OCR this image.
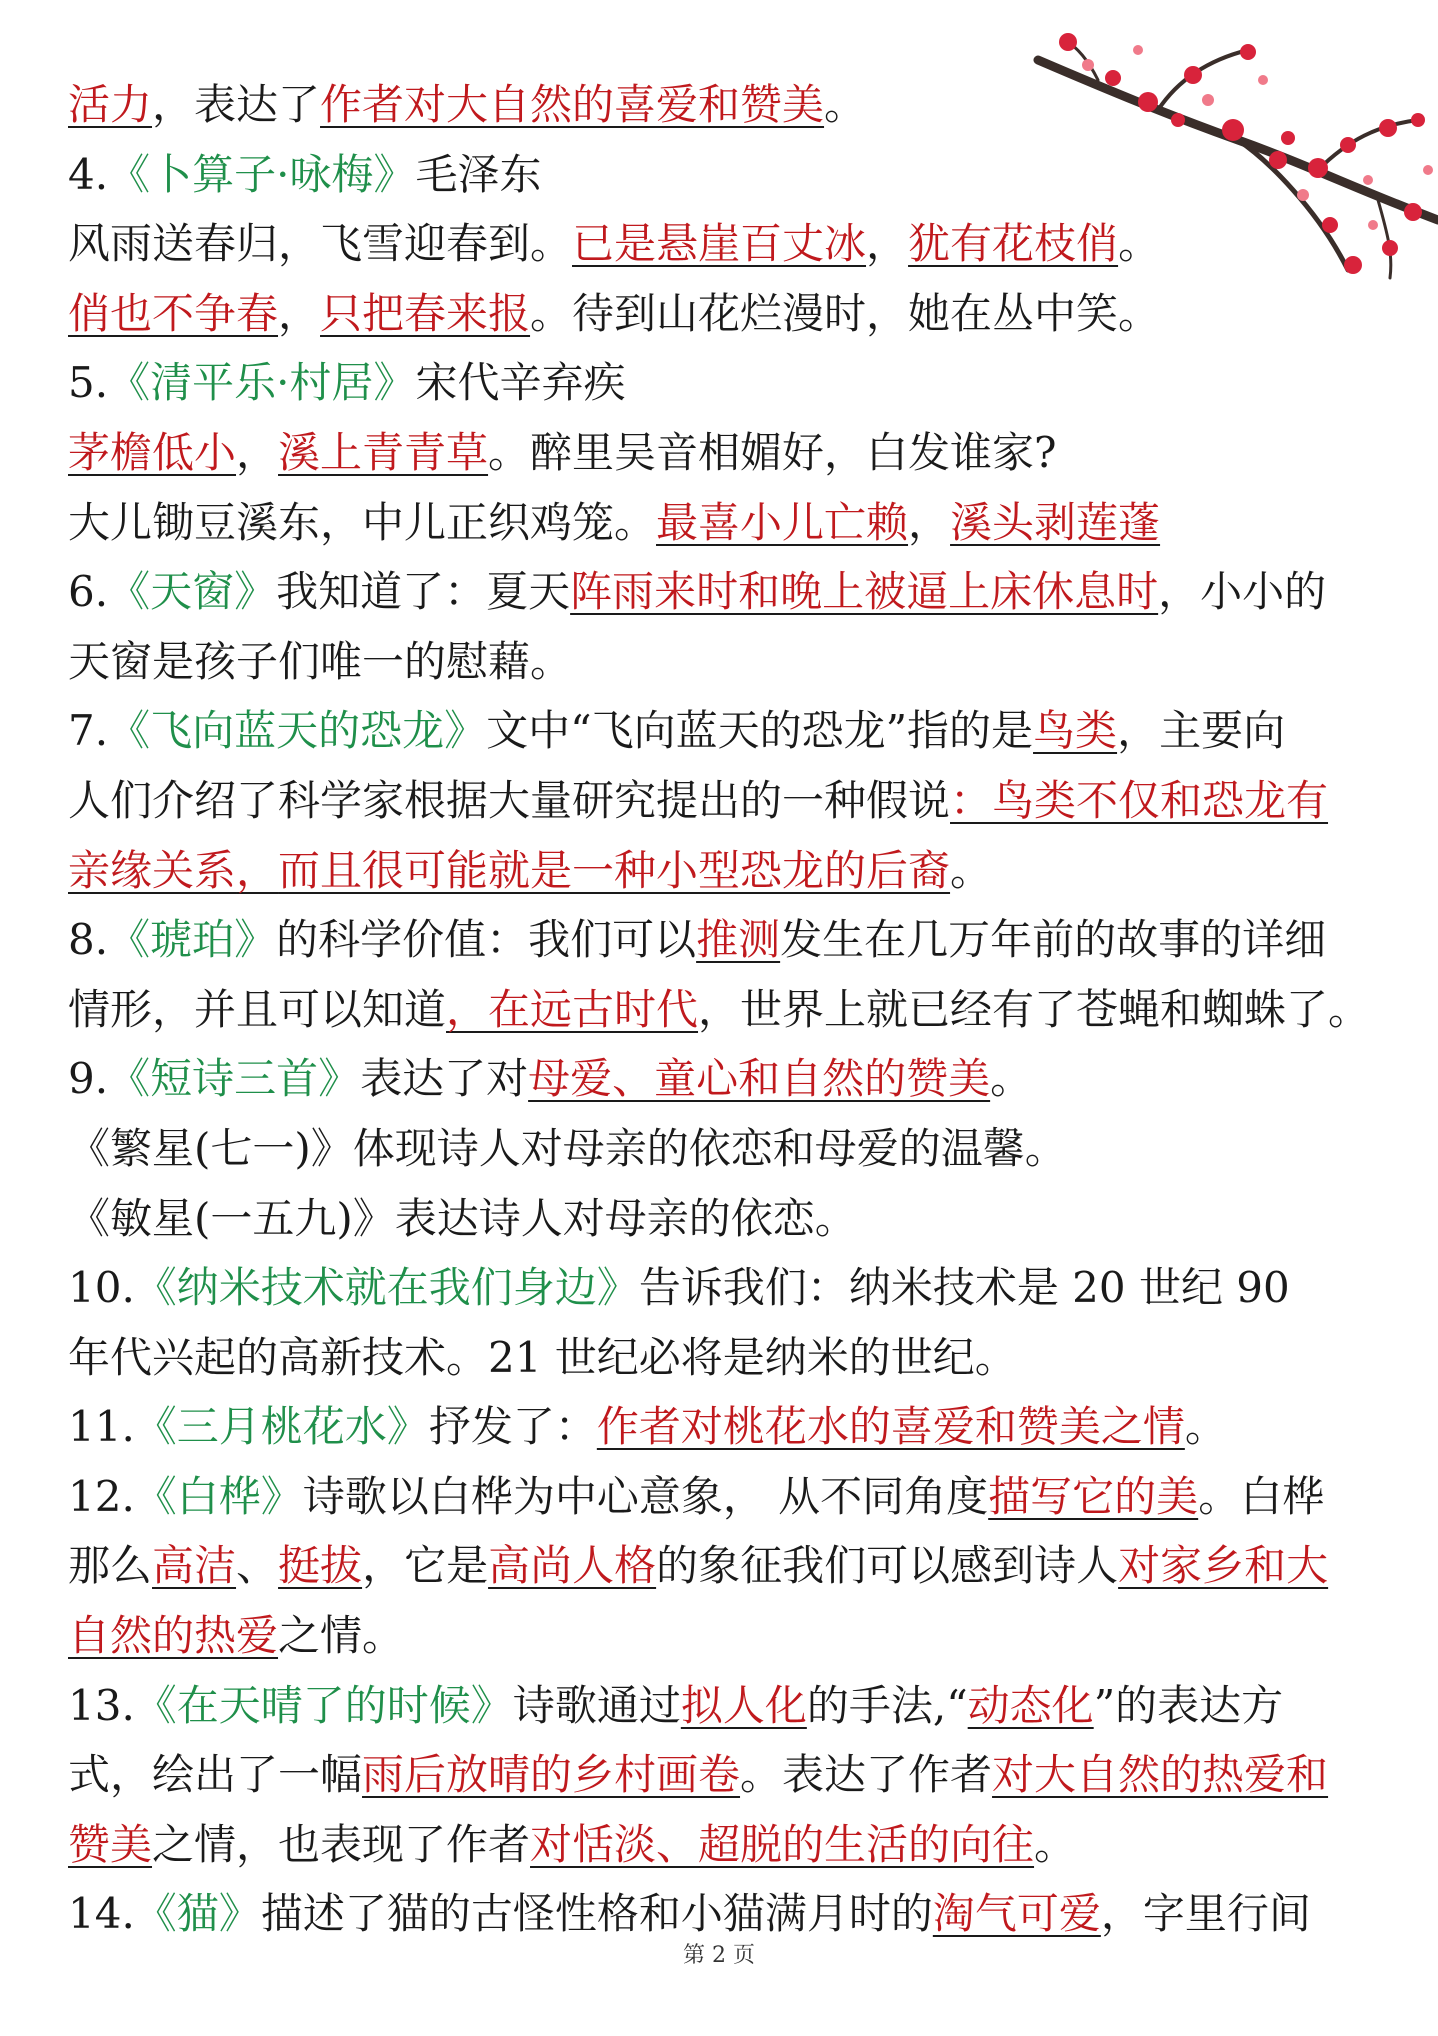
活力，表达了作者对大自然的喜爱和赞美。
4.《卜算子·咏梅》毛泽东
风雨送春归，飞雪迎春到。已是悬崖百丈冰，犹有花枝俏。
俏也不争春，只把春来报。待到山花烂漫时，她在丛中笑。
5.《清平乐·村居》宋代辛弃疾
茅檐低小，溪上青青草。醉里吴音相媚好，白发谁家?
大儿锄豆溪东，中儿正织鸡笼。最喜小儿亡赖，溪头剥莲蓬
6.《天窗》我知道了：夏天阵雨来时和晚上被逼上床休息时，小小的
天窗是孩子们唯一的慰藉。
7.《飞向蓝天的恐龙》文中“飞向蓝天的恐龙”指的是鸟类，主要向
人们介绍了科学家根据大量研究提出的一种假说：鸟类不仅和恐龙有
亲缘关系，而且很可能就是一种小型恐龙的后裔。
8.《琥珀》的科学价值：我们可以推测发生在几万年前的故事的详细
情形，并且可以知道，在远古时代，世界上就已经有了苍蝇和蜘蛛了。
9.《短诗三首》表达了对母爱、童心和自然的赞美。
《繁星(七一)》体现诗人对母亲的依恋和母爱的温馨。
《敏星(一五九)》表达诗人对母亲的依恋。
10.《纳米技术就在我们身边》告诉我们：纳米技术是 20 世纪 90
年代兴起的高新技术。21 世纪必将是纳米的世纪。
11.《三月桃花水》抒发了：作者对桃花水的喜爱和赞美之情。
12.《白桦》诗歌以白桦为中心意象， 从不同角度描写它的美。白桦
那么高洁、挺拔，它是高尚人格的象征我们可以感到诗人对家乡和大
自然的热爱之情。
13.《在天晴了的时候》诗歌通过拟人化的手法,“动态化”的表达方
式，绘出了一幅雨后放晴的乡村画卷。表达了作者对大自然的热爱和
赞美之情，也表现了作者对恬淡、超脱的生活的向往。
14.《猫》描述了猫的古怪性格和小猫满月时的淘气可爱，字里行间
第 2 页
